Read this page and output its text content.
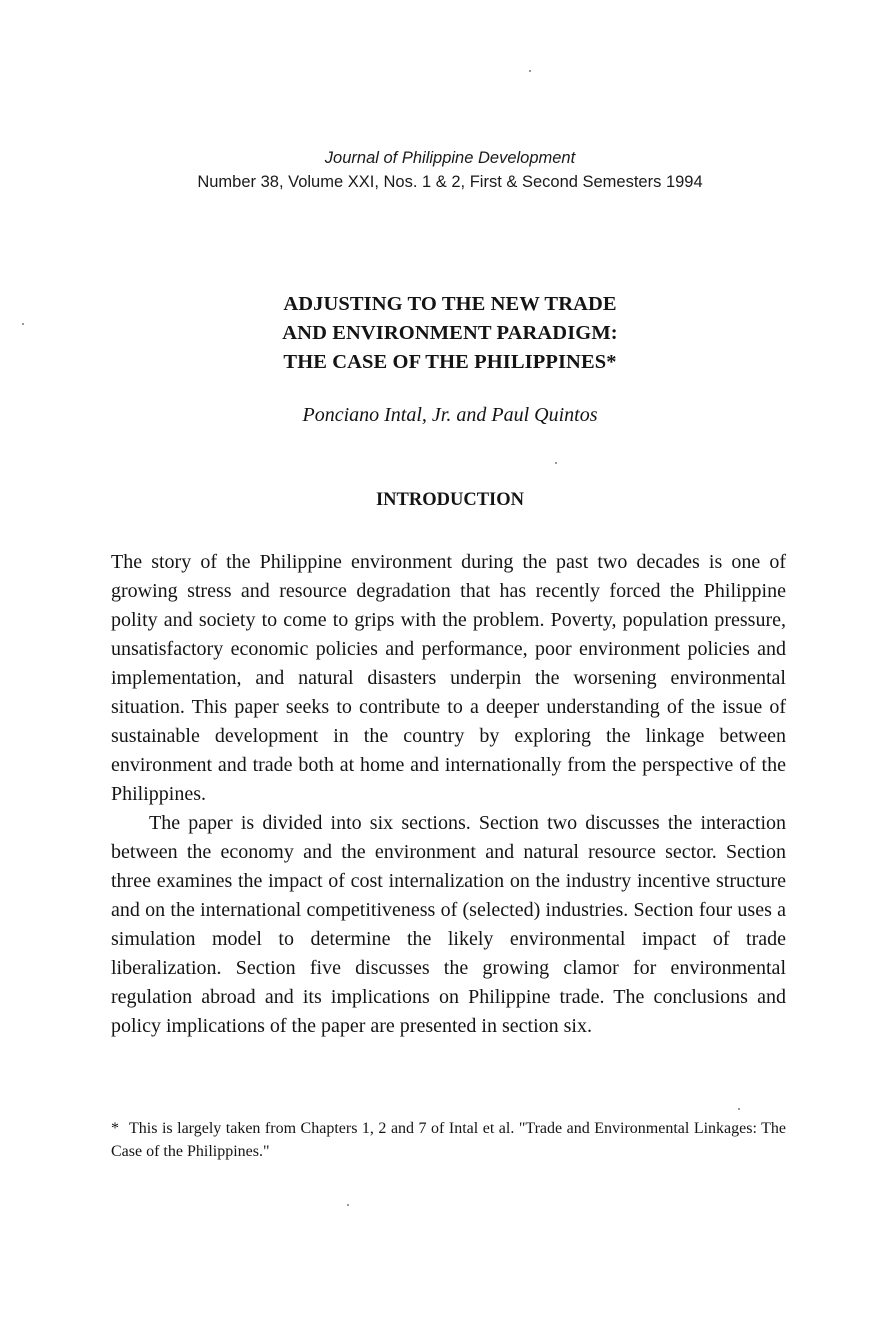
Journal of Philippine Development
Number 38, Volume XXI, Nos. 1 & 2, First & Second Semesters 1994
ADJUSTING TO THE NEW TRADE
AND ENVIRONMENT PARADIGM:
THE CASE OF THE PHILIPPINES*
Ponciano Intal, Jr. and Paul Quintos
INTRODUCTION

The story of the Philippine environment during the past two decades is one of growing stress and resource degradation that has recently forced the Philippine polity and society to come to grips with the problem. Poverty, population pressure, unsatisfactory economic policies and performance, poor environment policies and implementation, and natural disasters underpin the worsening environmental situation. This paper seeks to contribute to a deeper understanding of the issue of sustainable development in the country by exploring the linkage between environment and trade both at home and internationally from the perspective of the Philippines.

The paper is divided into six sections. Section two discusses the interaction between the economy and the environment and natural resource sector. Section three examines the impact of cost internalization on the industry incentive structure and on the international competitiveness of (selected) industries. Section four uses a simulation model to determine the likely environmental impact of trade liberalization. Section five discusses the growing clamor for environmental regulation abroad and its implications on Philippine trade. The conclusions and policy implications of the paper are presented in section six.

* This is largely taken from Chapters 1, 2 and 7 of Intal et al. "Trade and Environmental Linkages: The Case of the Philippines."
